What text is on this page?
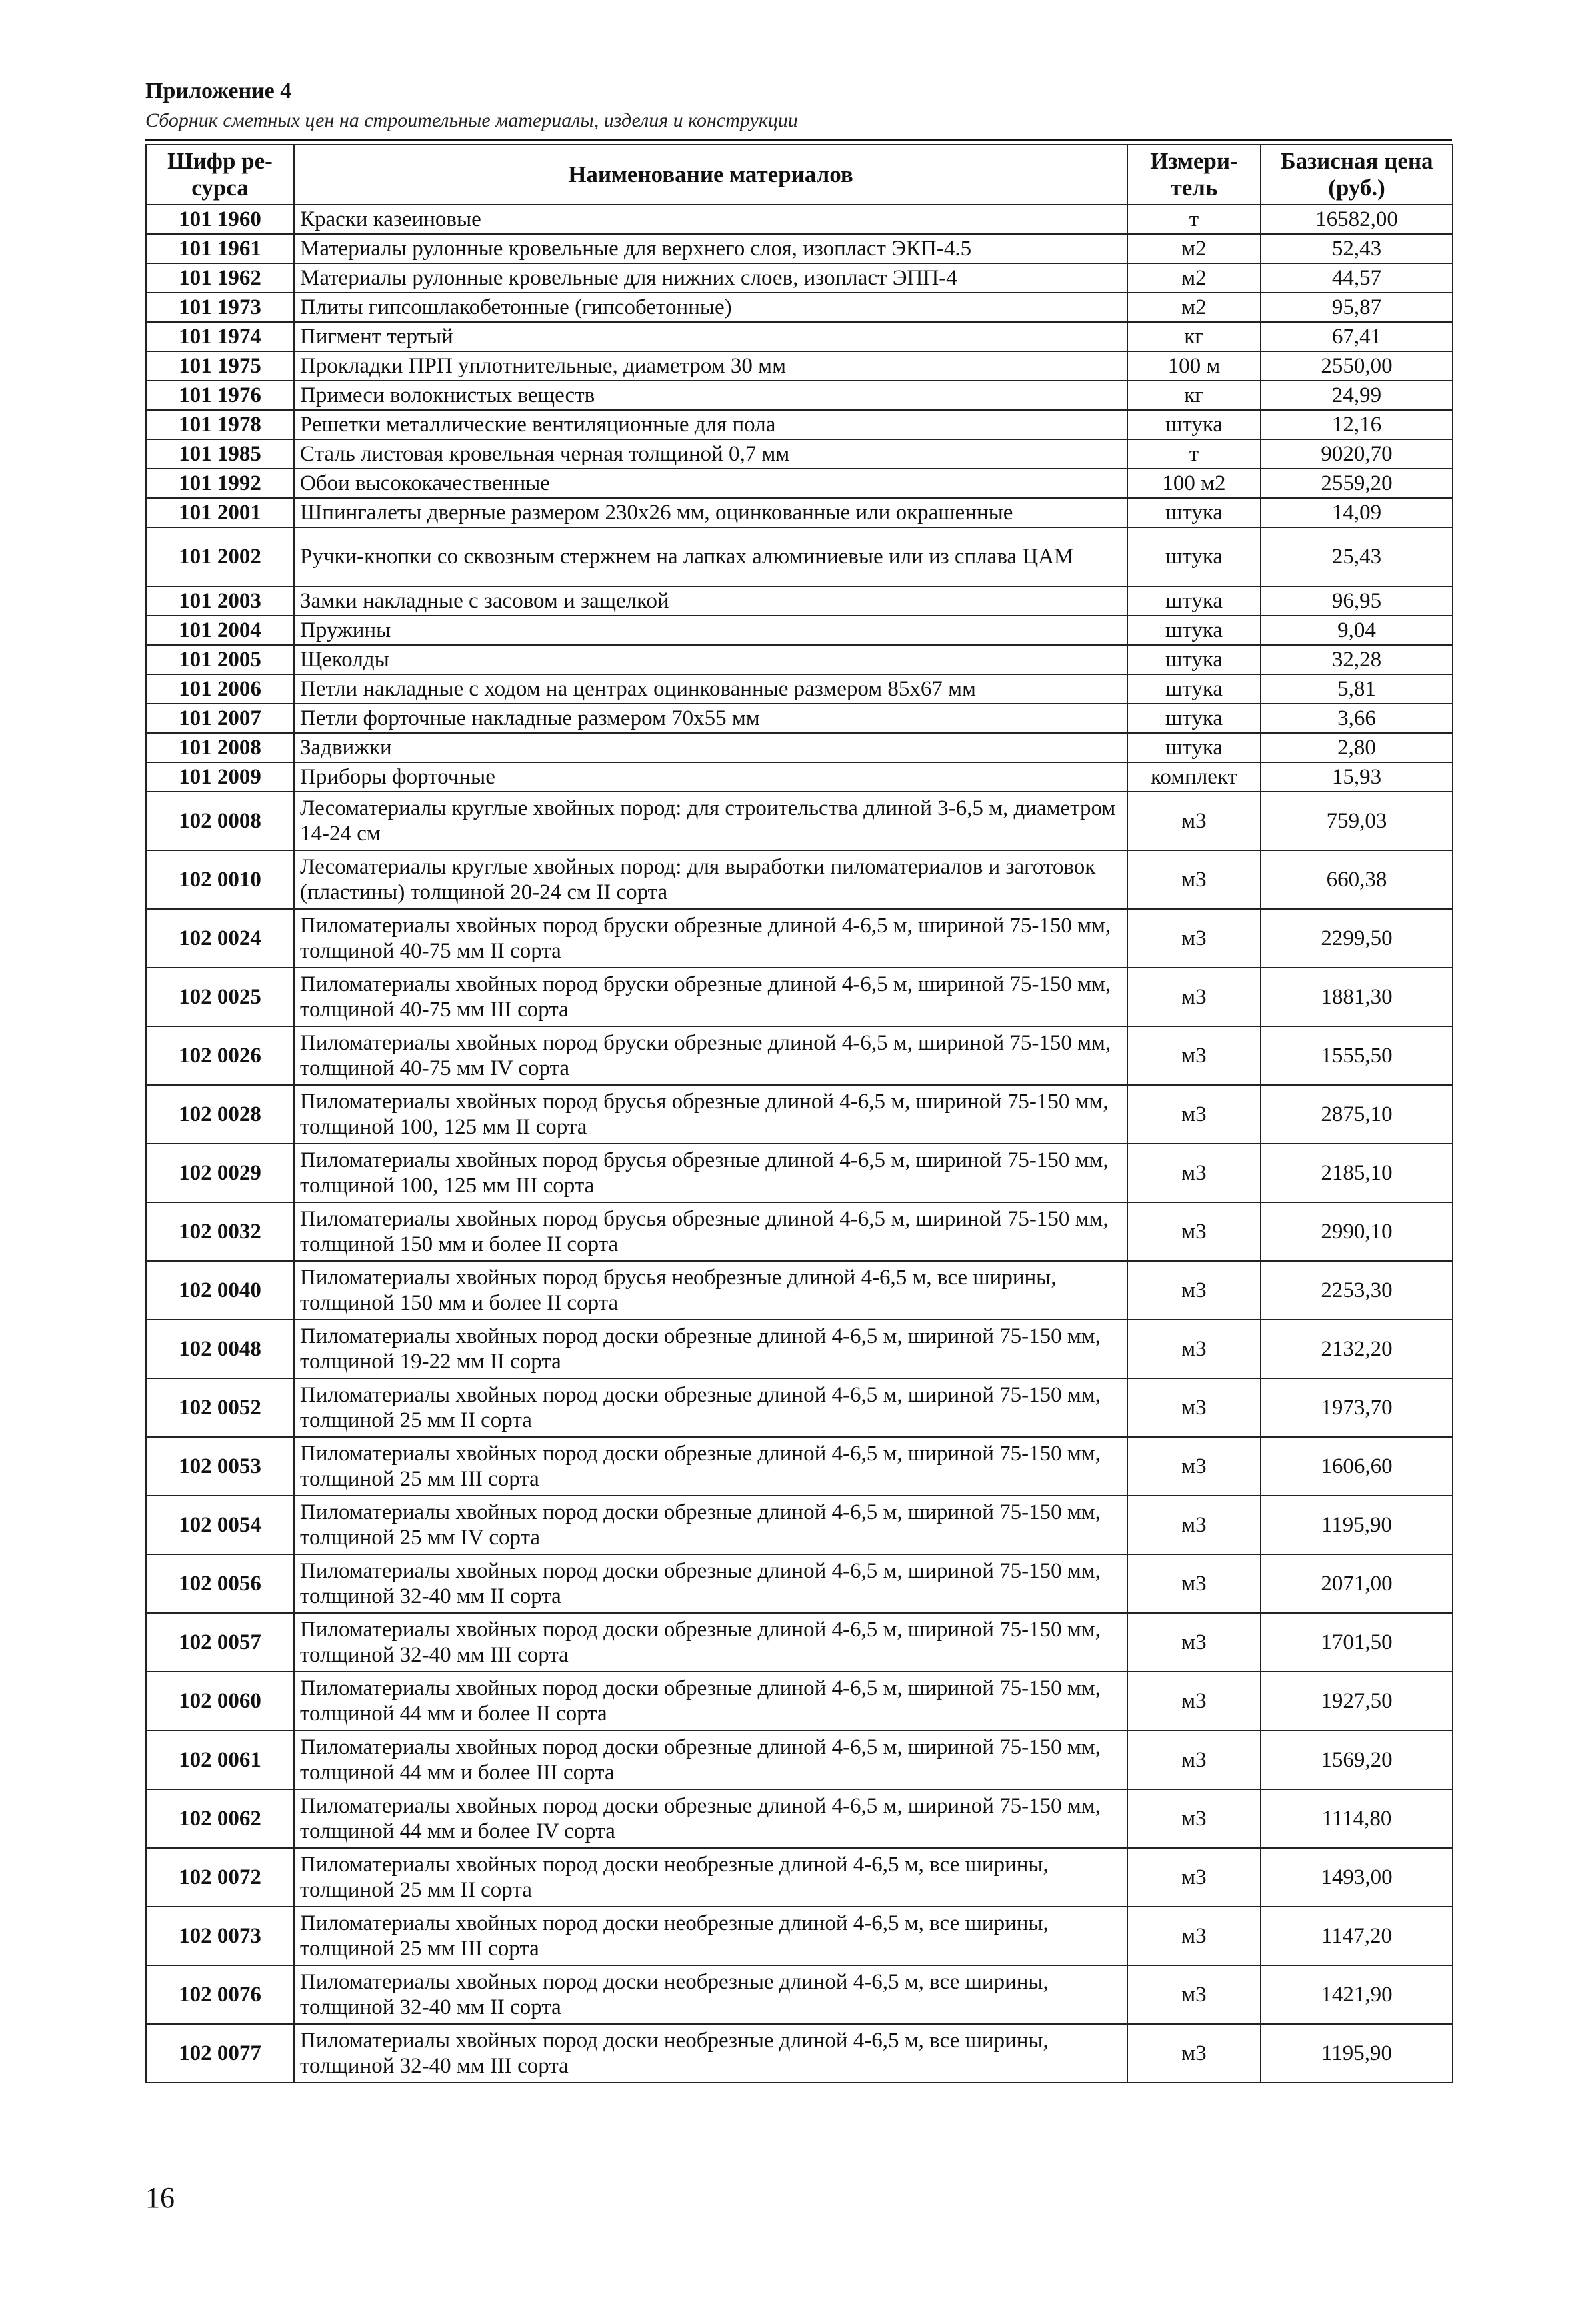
Приложение 4
Сборник сметных цен на строительные материалы, изделия и конструкции
Шифр ре-сурса	Наименование материалов	Измери-тель	Базисная цена (руб.)
101 1960	Краски казеиновые	т	16582,00
101 1961	Материалы рулонные кровельные для верхнего слоя, изопласт ЭКП-4.5	м2	52,43
101 1962	Материалы рулонные кровельные для нижних слоев, изопласт ЭПП-4	м2	44,57
101 1973	Плиты гипсошлакобетонные (гипсобетонные)	м2	95,87
101 1974	Пигмент тертый	кг	67,41
101 1975	Прокладки ПРП уплотнительные, диаметром 30 мм	100 м	2550,00
101 1976	Примеси волокнистых веществ	кг	24,99
101 1978	Решетки металлические вентиляционные для пола	штука	12,16
101 1985	Сталь листовая кровельная черная толщиной 0,7 мм	т	9020,70
101 1992	Обои высококачественные	100 м2	2559,20
101 2001	Шпингалеты дверные размером 230х26 мм, оцинкованные или окрашенные	штука	14,09
101 2002	Ручки-кнопки со сквозным стержнем на лапках алюминиевые или из сплава ЦАМ	штука	25,43
101 2003	Замки накладные с засовом и защелкой	штука	96,95
101 2004	Пружины	штука	9,04
101 2005	Щеколды	штука	32,28
101 2006	Петли накладные с ходом на центрах оцинкованные размером 85х67 мм	штука	5,81
101 2007	Петли форточные накладные размером 70х55 мм	штука	3,66
101 2008	Задвижки	штука	2,80
101 2009	Приборы форточные	комплект	15,93
102 0008	Лесоматериалы круглые хвойных пород: для строительства длиной 3-6,5 м, диаметром 14-24 см	м3	759,03
102 0010	Лесоматериалы круглые хвойных пород: для выработки пиломатериалов и заготовок (пластины) толщиной 20-24 см II сорта	м3	660,38
102 0024	Пиломатериалы хвойных пород бруски обрезные длиной 4-6,5 м, шириной 75-150 мм, толщиной 40-75 мм II сорта	м3	2299,50
102 0025	Пиломатериалы хвойных пород бруски обрезные длиной 4-6,5 м, шириной 75-150 мм, толщиной 40-75 мм III сорта	м3	1881,30
102 0026	Пиломатериалы хвойных пород бруски обрезные длиной 4-6,5 м, шириной 75-150 мм, толщиной 40-75 мм IV сорта	м3	1555,50
102 0028	Пиломатериалы хвойных пород брусья обрезные длиной 4-6,5 м, шириной 75-150 мм, толщиной 100, 125 мм II сорта	м3	2875,10
102 0029	Пиломатериалы хвойных пород брусья обрезные длиной 4-6,5 м, шириной 75-150 мм, толщиной 100, 125 мм III сорта	м3	2185,10
102 0032	Пиломатериалы хвойных пород брусья обрезные длиной 4-6,5 м, шириной 75-150 мм, толщиной 150 мм и более II сорта	м3	2990,10
102 0040	Пиломатериалы хвойных пород брусья необрезные длиной 4-6,5 м, все ширины, толщиной 150 мм и более II сорта	м3	2253,30
102 0048	Пиломатериалы хвойных пород доски обрезные длиной 4-6,5 м, шириной 75-150 мм, толщиной 19-22 мм II сорта	м3	2132,20
102 0052	Пиломатериалы хвойных пород доски обрезные длиной 4-6,5 м, шириной 75-150 мм, толщиной 25 мм II сорта	м3	1973,70
102 0053	Пиломатериалы хвойных пород доски обрезные длиной 4-6,5 м, шириной 75-150 мм, толщиной 25 мм III сорта	м3	1606,60
102 0054	Пиломатериалы хвойных пород доски обрезные длиной 4-6,5 м, шириной 75-150 мм, толщиной 25 мм IV сорта	м3	1195,90
102 0056	Пиломатериалы хвойных пород доски обрезные длиной 4-6,5 м, шириной 75-150 мм, толщиной 32-40 мм II сорта	м3	2071,00
102 0057	Пиломатериалы хвойных пород доски обрезные длиной 4-6,5 м, шириной 75-150 мм, толщиной 32-40 мм III сорта	м3	1701,50
102 0060	Пиломатериалы хвойных пород доски обрезные длиной 4-6,5 м, шириной 75-150 мм, толщиной 44 мм и более II сорта	м3	1927,50
102 0061	Пиломатериалы хвойных пород доски обрезные длиной 4-6,5 м, шириной 75-150 мм, толщиной 44 мм и более III сорта	м3	1569,20
102 0062	Пиломатериалы хвойных пород доски обрезные длиной 4-6,5 м, шириной 75-150 мм, толщиной 44 мм и более IV сорта	м3	1114,80
102 0072	Пиломатериалы хвойных пород доски необрезные длиной 4-6,5 м, все ширины, толщиной 25 мм II сорта	м3	1493,00
102 0073	Пиломатериалы хвойных пород доски необрезные длиной 4-6,5 м, все ширины, толщиной 25 мм III сорта	м3	1147,20
102 0076	Пиломатериалы хвойных пород доски необрезные длиной 4-6,5 м, все ширины, толщиной 32-40 мм II сорта	м3	1421,90
102 0077	Пиломатериалы хвойных пород доски необрезные длиной 4-6,5 м, все ширины, толщиной 32-40 мм III сорта	м3	1195,90
16
